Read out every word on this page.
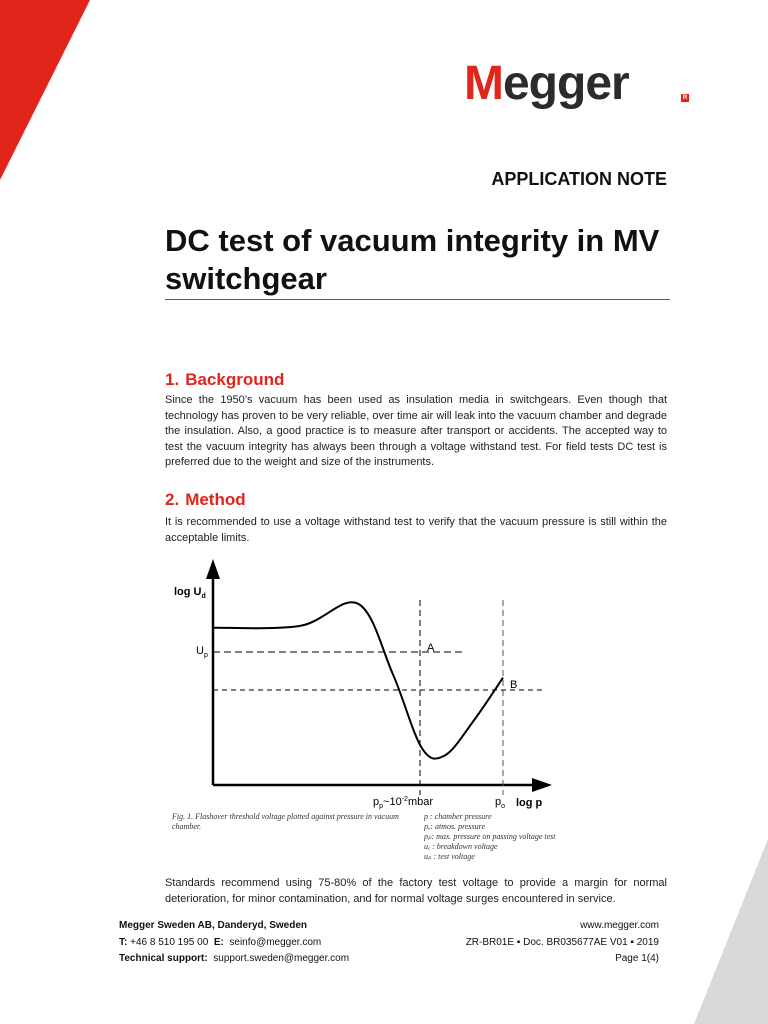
Megger	R
APPLICATION NOTE
DC test of vacuum integrity in MV switchgear
1. Background

Since the 1950’s vacuum has been used as insulation media in switchgears. Even though that technology has proven to be very reliable, over time air will leak into the vacuum chamber and degrade the insulation. Also, a good practice is to measure after transport or accidents. The accepted way to test the vacuum integrity has always been through a voltage withstand test. For field tests DC test is preferred due to the weight and size of the instruments.

2. Method

It is recommended to use a voltage withstand test to verify that the vacuum pressure is still within the acceptable limits.

$\log U_d$
$U_p$
A
B
$p_p\sim 10^{-2}mbar$	$p_o$ log p
Fig. 1. Flashover threshold voltage plotted against pressure in vacuum chamber.
p : chamber pressure
pₒ: atmos. pressure
pₚ: max. pressure on passing voltage test
uₑ : breakdown voltage
uₚ : test voltage

Standards recommend using 75-80% of the factory test voltage to provide a margin for normal deterioration, for minor contamination, and for normal voltage surges encountered in service.

Megger Sweden AB, Danderyd, Sweden	www.megger.com
T: +46 8 510 195 00 E: seinfo@megger.com	ZR-BR01E ▪ Doc. BR035677AE V01 ▪ 2019
Technical support: support.sweden@megger.com	Page 1(4)
